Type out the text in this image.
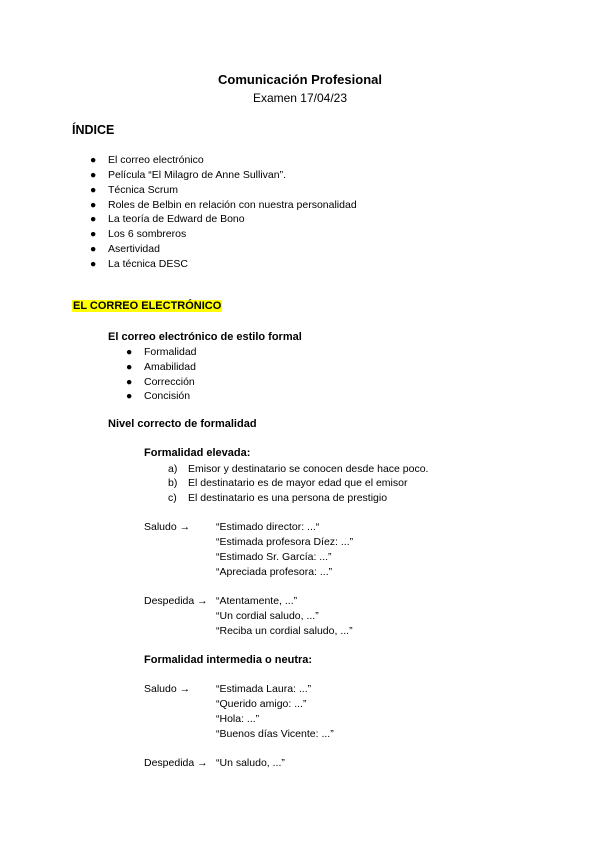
Comunicación Profesional
Examen 17/04/23
ÍNDICE
● El correo electrónico
● Película “El Milagro de Anne Sullivan”.
● Técnica Scrum
● Roles de Belbin en relación con nuestra personalidad
● La teoría de Edward de Bono
● Los 6 sombreros
● Asertividad
● La técnica DESC
EL CORREO ELECTRÓNICO
El correo electrónico de estilo formal
● Formalidad
● Amabilidad
● Corrección
● Concisión
Nivel correcto de formalidad
Formalidad elevada:
a) Emisor y destinatario se conocen desde hace poco.
b) El destinatario es de mayor edad que el emisor
c) El destinatario es una persona de prestigio
Saludo → “Estimado director: ...“
“Estimada profesora Díez: ...”
“Estimado Sr. García: ...”
“Apreciada profesora: ...”
Despedida → “Atentamente, ...”
“Un cordial saludo, ...”
“Reciba un cordial saludo, ...”
Formalidad intermedia o neutra:
Saludo → “Estimada Laura: ...”
“Querido amigo: ...”
“Hola: ...”
“Buenos días Vicente: ...”
Despedida → “Un saludo, ...”
